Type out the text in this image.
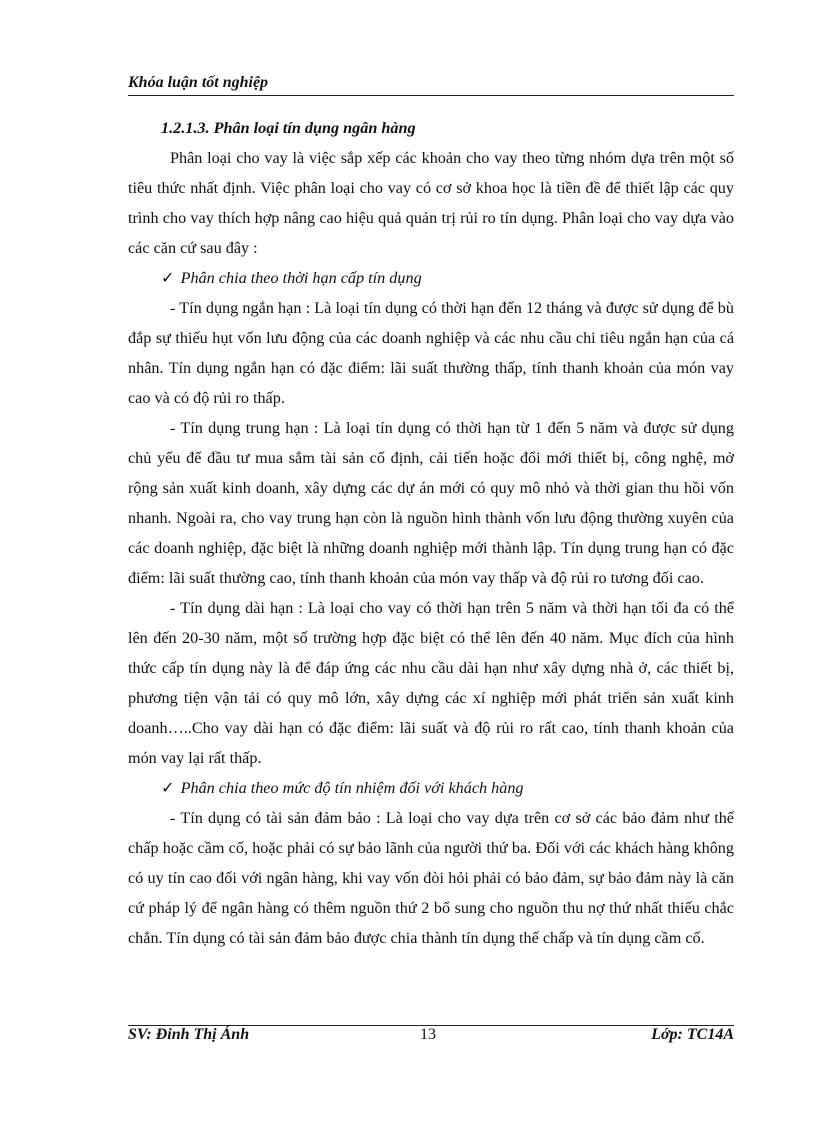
Khóa luận tốt nghiệp

1.2.1.3. Phân loại tín dụng ngân hàng

Phân loại cho vay là việc sắp xếp các khoản cho vay theo từng nhóm dựa trên một số tiêu thức nhất định. Việc phân loại cho vay có cơ sở khoa học là tiền đề để thiết lập các quy trình cho vay thích hợp nâng cao hiệu quả quản trị rủi ro tín dụng. Phân loại cho vay dựa vào các căn cứ sau đây :

✓ Phân chia theo thời hạn cấp tín dụng

- Tín dụng ngắn hạn : Là loại tín dụng có thời hạn đến 12 tháng và được sử dụng để bù đắp sự thiếu hụt vốn lưu động của các doanh nghiệp và các nhu cầu chi tiêu ngắn hạn của cá nhân. Tín dụng ngắn hạn có đặc điểm: lãi suất thường thấp, tính thanh khoản của món vay cao và có độ rủi ro thấp.

- Tín dụng trung hạn : Là loại tín dụng có thời hạn từ 1 đến 5 năm và được sử dụng chủ yếu để đầu tư mua sắm tài sản cố định, cải tiến hoặc đổi mới thiết bị, công nghệ, mở rộng sản xuất kinh doanh, xây dựng các dự án mới có quy mô nhỏ và thời gian thu hồi vốn nhanh. Ngoài ra, cho vay trung hạn còn là nguồn hình thành vốn lưu động thường xuyên của các doanh nghiệp, đặc biệt là những doanh nghiệp mới thành lập. Tín dụng trung hạn có đặc điểm: lãi suất thường cao, tính thanh khoản của món vay thấp và độ rủi ro tương đối cao.

- Tín dụng dài hạn : Là loại cho vay có thời hạn trên 5 năm và thời hạn tối đa có thể lên đến 20-30 năm, một số trường hợp đặc biệt có thể lên đến 40 năm. Mục đích của hình thức cấp tín dụng này là để đáp ứng các nhu cầu dài hạn như xây dựng nhà ở, các thiết bị, phương tiện vận tải có quy mô lớn, xây dựng các xí nghiệp mới phát triển sản xuất kinh doanh…..Cho vay dài hạn có đặc điểm: lãi suất và độ rủi ro rất cao, tính thanh khoản của món vay lại rất thấp.

✓ Phân chia theo mức độ tín nhiệm đối với khách hàng

- Tín dụng có tài sản đảm bảo : Là loại cho vay dựa trên cơ sở các bảo đảm như thế chấp hoặc cầm cố, hoặc phải có sự bảo lãnh của người thứ ba. Đối với các khách hàng không có uy tín cao đối với ngân hàng, khi vay vốn đòi hỏi phải có bảo đảm, sự bảo đảm này là căn cứ pháp lý để ngân hàng có thêm nguồn thứ 2 bổ sung cho nguồn thu nợ thứ nhất thiếu chắc chắn. Tín dụng có tài sản đảm bảo được chia thành tín dụng thế chấp và tín dụng cầm cố.

SV: Đinh Thị Ánh	13	Lớp: TC14A
